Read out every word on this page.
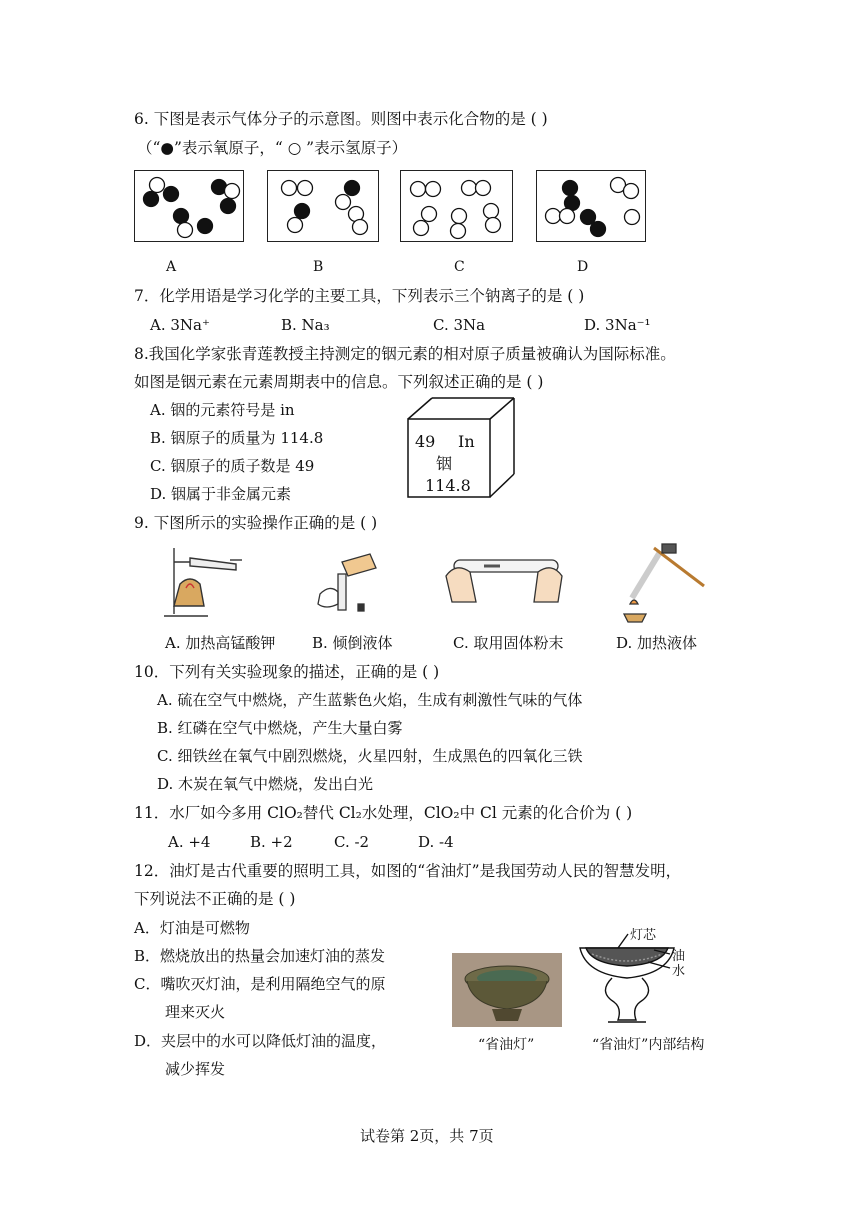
6. 下图是表示气体分子的示意图。则图中表示化合物的是 ( )
（“●”表示氧原子，“ ○ ”表示氢原子）
A	B	C	D
7．化学用语是学习化学的主要工具，下列表示三个钠离子的是 ( )
A. 3Na⁺	B. Na₃	C. 3Na	D. 3Na⁻¹
8.我国化学家张青莲教授主持测定的铟元素的相对原子质量被确认为国际标准。
如图是铟元素在元素周期表中的信息。下列叙述正确的是 ( )
A. 铟的元素符号是 in
B. 铟原子的质量为 114.8
C. 铟原子的质子数是 49
D. 铟属于非金属元素
49 In
铟
114.8
9. 下图所示的实验操作正确的是 ( )
A. 加热高锰酸钾 B. 倾倒液体	C. 取用固体粉末	D. 加热液体
10．下列有关实验现象的描述，正确的是 ( )
A. 硫在空气中燃烧，产生蓝紫色火焰，生成有刺激性气味的气体
B. 红磷在空气中燃烧，产生大量白雾
C. 细铁丝在氧气中剧烈燃烧，火星四射，生成黑色的四氧化三铁
D. 木炭在氧气中燃烧，发出白光
11．水厂如今多用 ClO₂替代 Cl₂水处理，ClO₂中 Cl 元素的化合价为 ( )
A. +4	B. +2	C. -2	D. -4
12．油灯是古代重要的照明工具，如图的“省油灯”是我国劳动人民的智慧发明，
下列说法不正确的是 ( )
A．灯油是可燃物
B．燃烧放出的热量会加速灯油的蒸发
C．嘴吹灭灯油，是利用隔绝空气的原
理来灭火
D．夹层中的水可以降低灯油的温度，
减少挥发
“省油灯”
灯芯
油
水
“省油灯”内部结构
试卷第 2页，共 7页
